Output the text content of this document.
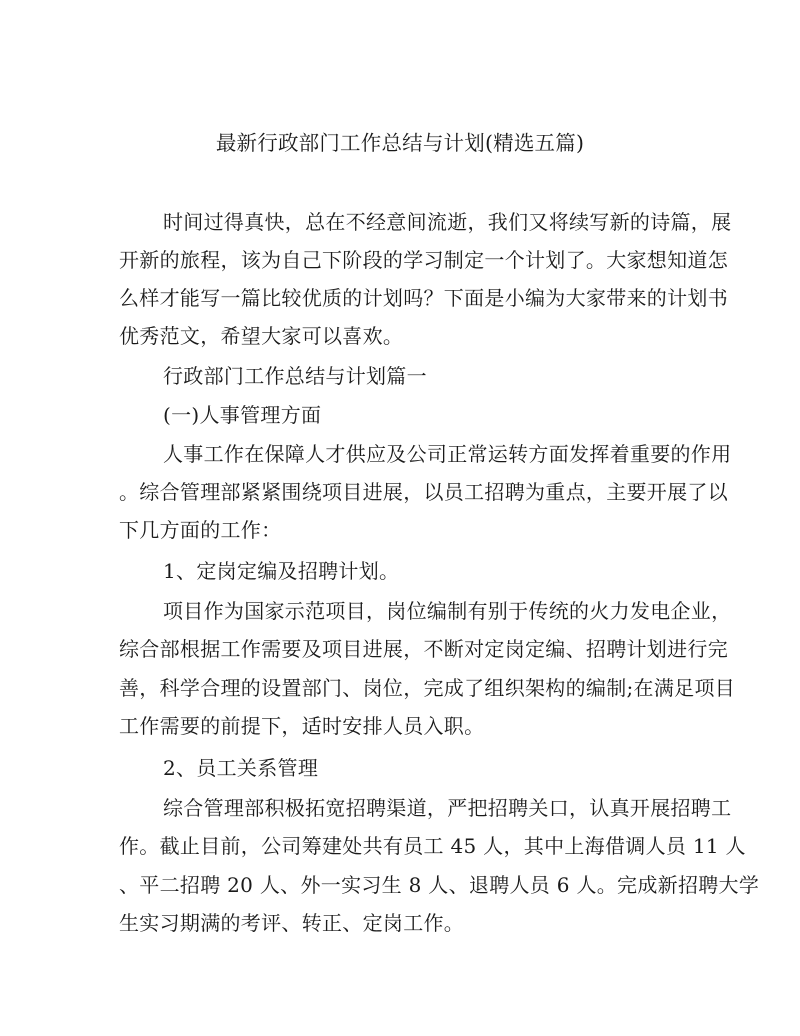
最新行政部门工作总结与计划(精选五篇)
时间过得真快，总在不经意间流逝，我们又将续写新的诗篇，展
开新的旅程，该为自己下阶段的学习制定一个计划了。大家想知道怎
么样才能写一篇比较优质的计划吗？下面是小编为大家带来的计划书
优秀范文，希望大家可以喜欢。
行政部门工作总结与计划篇一
(一)人事管理方面
人事工作在保障人才供应及公司正常运转方面发挥着重要的作用
。综合管理部紧紧围绕项目进展，以员工招聘为重点，主要开展了以
下几方面的工作：
1、定岗定编及招聘计划。
项目作为国家示范项目，岗位编制有别于传统的火力发电企业，
综合部根据工作需要及项目进展，不断对定岗定编、招聘计划进行完
善，科学合理的设置部门、岗位，完成了组织架构的编制;在满足项目
工作需要的前提下，适时安排人员入职。
2、员工关系管理
综合管理部积极拓宽招聘渠道，严把招聘关口，认真开展招聘工
作。截止目前，公司筹建处共有员工 45 人，其中上海借调人员 11 人
、平二招聘 20 人、外一实习生 8 人、退聘人员 6 人。完成新招聘大学
生实习期满的考评、转正、定岗工作。
